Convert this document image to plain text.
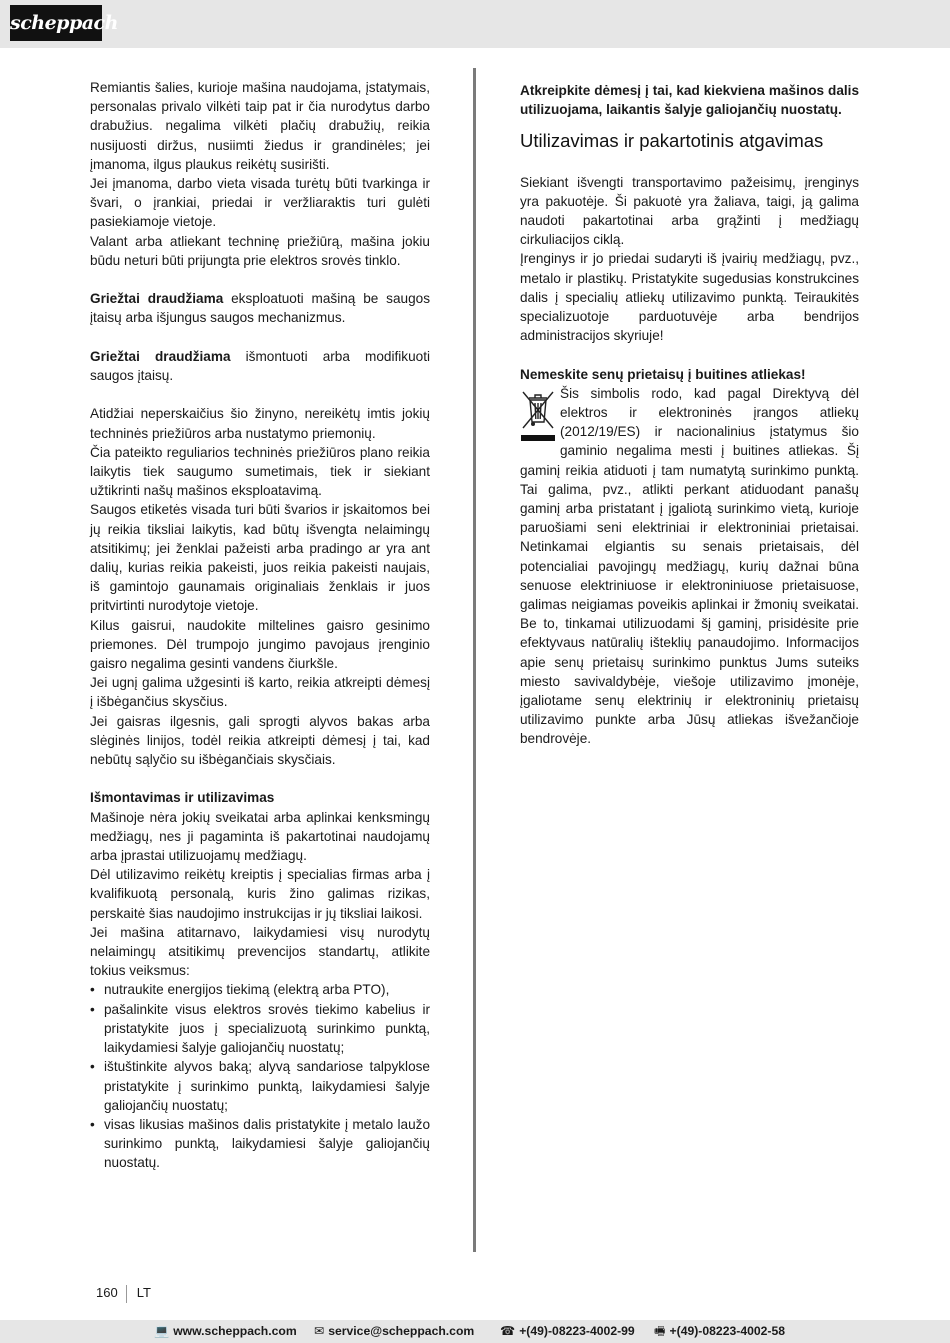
scheppach

Remiantis šalies, kurioje mašina naudojama, įstatymais, personalas privalo vilkėti taip pat ir čia nurodytus darbo drabužius. negalima vilkėti plačių drabužių, reikia nusijuosti diržus, nusiimti žiedus ir grandinėles; jei įmanoma, ilgus plaukus reikėtų susirišti.

Jei įmanoma, darbo vieta visada turėtų būti tvarkinga ir švari, o įrankiai, priedai ir veržliaraktis turi gulėti pasiekiamoje vietoje.

Valant arba atliekant techninę priežiūrą, mašina jokiu būdu neturi būti prijungta prie elektros srovės tinklo.

Griežtai draudžiama eksploatuoti mašiną be saugos įtaisų arba išjungus saugos mechanizmus.

Griežtai draudžiama išmontuoti arba modifikuoti saugos įtaisų.

Atidžiai neperskaičius šio žinyno, nereikėtų imtis jokių techninės priežiūros arba nustatymo priemonių.

Čia pateikto reguliarios techninės priežiūros plano reikia laikytis tiek saugumo sumetimais, tiek ir siekiant užtikrinti našų mašinos eksploatavimą.

Saugos etiketės visada turi būti švarios ir įskaitomos bei jų reikia tiksliai laikytis, kad būtų išvengta nelaimingų atsitikimų; jei ženklai pažeisti arba pradingo ar yra ant dalių, kurias reikia pakeisti, juos reikia pakeisti naujais, iš gamintojo gaunamais originaliais ženklais ir juos pritvirtinti nurodytoje vietoje.

Kilus gaisrui, naudokite miltelines gaisro gesinimo priemones. Dėl trumpojo jungimo pavojaus įrenginio gaisro negalima gesinti vandens čiurkšle.

Jei ugnį galima užgesinti iš karto, reikia atkreipti dėmesį į išbėgančius skysčius.

Jei gaisras ilgesnis, gali sprogti alyvos bakas arba slėginės linijos, todėl reikia atkreipti dėmesį į tai, kad nebūtų sąlyčio su išbėgančiais skysčiais.

Išmontavimas ir utilizavimas

Mašinoje nėra jokių sveikatai arba aplinkai kenksmingų medžiagų, nes ji pagaminta iš pakartotinai naudojamų arba įprastai utilizuojamų medžiagų.

Dėl utilizavimo reikėtų kreiptis į specialias firmas arba į kvalifikuotą personalą, kuris žino galimas rizikas, perskaitė šias naudojimo instrukcijas ir jų tiksliai laikosi.

Jei mašina atitarnavo, laikydamiesi visų nurodytų nelaimingų atsitikimų prevencijos standartų, atlikite tokius veiksmus:

• nutraukite energijos tiekimą (elektrą arba PTO),
• pašalinkite visus elektros srovės tiekimo kabelius ir pristatykite juos į specializuotą surinkimo punktą, laikydamiesi šalyje galiojančių nuostatų;
• ištuštinkite alyvos baką; alyvą sandariose talpyklose pristatykite į surinkimo punktą, laikydamiesi šalyje galiojančių nuostatų;
• visas likusias mašinos dalis pristatykite į metalo laužo surinkimo punktą, laikydamiesi šalyje galiojančių nuostatų.

Atkreipkite dėmesį į tai, kad kiekviena mašinos dalis utilizuojama, laikantis šalyje galiojančių nuostatų.

Utilizavimas ir pakartotinis atgavimas

Siekiant išvengti transportavimo pažeisimų, įrenginys yra pakuotėje. Ši pakuotė yra žaliava, taigi, ją galima naudoti pakartotinai arba grąžinti į medžiagų cirkuliacijos ciklą.

Įrenginys ir jo priedai sudaryti iš įvairių medžiagų, pvz., metalo ir plastikų. Pristatykite sugedusias konstrukcines dalis į specialių atliekų utilizavimo punktą. Teiraukitės specializuotoje parduotuvėje arba bendrijos administracijos skyriuje!

Nemeskite senų prietaisų į buitines atliekas!

Šis simbolis rodo, kad pagal Direktyvą dėl elektros ir elektroninės įrangos atliekų (2012/19/ES) ir nacionalinius įstatymus šio gaminio negalima mesti į buitines atliekas. Šį gaminį reikia atiduoti į tam numatytą surinkimo punktą. Tai galima, pvz., atlikti perkant atiduodant panašų gaminį arba pristatant į įgaliotą surinkimo vietą, kurioje paruošiami seni elektriniai ir elektroniniai prietaisai. Netinkamai elgiantis su senais prietaisais, dėl potencialiai pavojingų medžiagų, kurių dažnai būna senuose elektriniuose ir elektroniniuose prietaisuose, galimas neigiamas poveikis aplinkai ir žmonių sveikatai. Be to, tinkamai utilizuodami šį gaminį, prisidėsite prie efektyvaus natūralių išteklių panaudojimo. Informacijos apie senų prietaisų surinkimo punktus Jums suteiks miesto savivaldybėje, viešoje utilizavimo įmonėje, įgaliotame senų elektrinių ir elektroninių prietaisų utilizavimo punkte arba Jūsų atliekas išvežančioje bendrovėje.

160 LT
💻 www.scheppach.com ✉ service@scheppach.com ☎ +(49)-08223-4002-99 🖷 +(49)-08223-4002-58
